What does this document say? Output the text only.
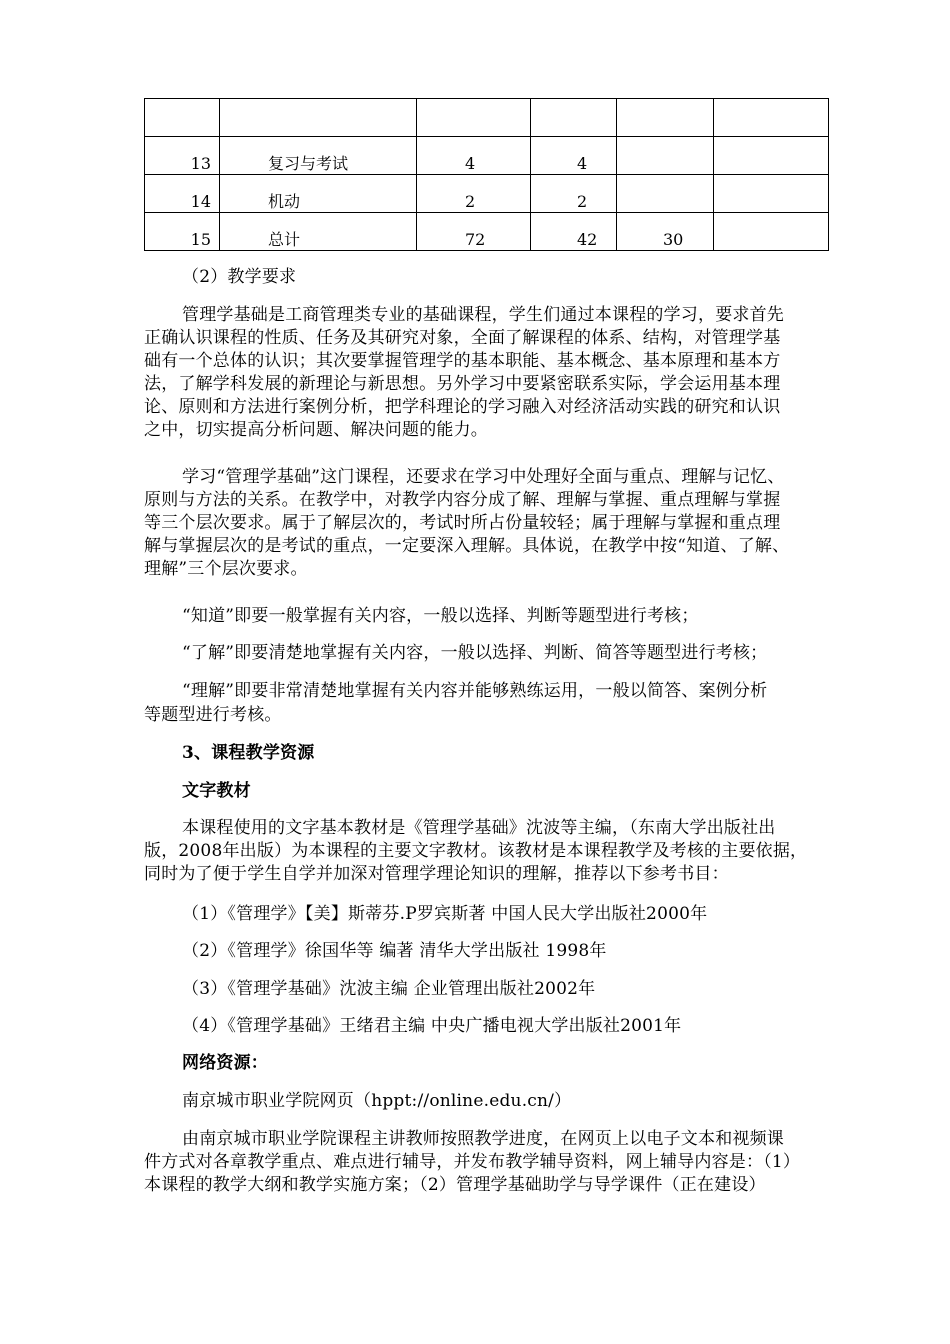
13	复习与考试	4	4		
14	机动	2	2		
15	总计	72	42	30	
（2）教学要求
管理学基础是工商管理类专业的基础课程，学生们通过本课程的学习，要求首先
正确认识课程的性质、任务及其研究对象，全面了解课程的体系、结构，对管理学基
础有一个总体的认识；其次要掌握管理学的基本职能、基本概念、基本原理和基本方
法，了解学科发展的新理论与新思想。另外学习中要紧密联系实际，学会运用基本理
论、原则和方法进行案例分析，把学科理论的学习融入对经济活动实践的研究和认识
之中，切实提高分析问题、解决问题的能力。
学习“管理学基础”这门课程，还要求在学习中处理好全面与重点、理解与记忆、
原则与方法的关系。在教学中，对教学内容分成了解、理解与掌握、重点理解与掌握
等三个层次要求。属于了解层次的，考试时所占份量较轻；属于理解与掌握和重点理
解与掌握层次的是考试的重点，一定要深入理解。具体说，在教学中按“知道、了解、
理解”三个层次要求。
“知道”即要一般掌握有关内容，一般以选择、判断等题型进行考核；
“了解”即要清楚地掌握有关内容，一般以选择、判断、简答等题型进行考核；
“理解”即要非常清楚地掌握有关内容并能够熟练运用，一般以简答、案例分析
等题型进行考核。
3、课程教学资源
文字教材
本课程使用的文字基本教材是《管理学基础》沈波等主编，（东南大学出版社出
版，2008年出版）为本课程的主要文字教材。该教材是本课程教学及考核的主要依据，
同时为了便于学生自学并加深对管理学理论知识的理解，推荐以下参考书目：
（1）《管理学》【美】斯蒂芬.P罗宾斯著 中国人民大学出版社2000年
（2）《管理学》徐国华等 编著 清华大学出版社 1998年
（3）《管理学基础》沈波主编 企业管理出版社2002年
（4）《管理学基础》王绪君主编 中央广播电视大学出版社2001年
网络资源：
南京城市职业学院网页（hppt://online.edu.cn/）
由南京城市职业学院课程主讲教师按照教学进度，在网页上以电子文本和视频课
件方式对各章教学重点、难点进行辅导，并发布教学辅导资料，网上辅导内容是：（1）
本课程的教学大纲和教学实施方案；（2）管理学基础助学与导学课件（正在建设）
